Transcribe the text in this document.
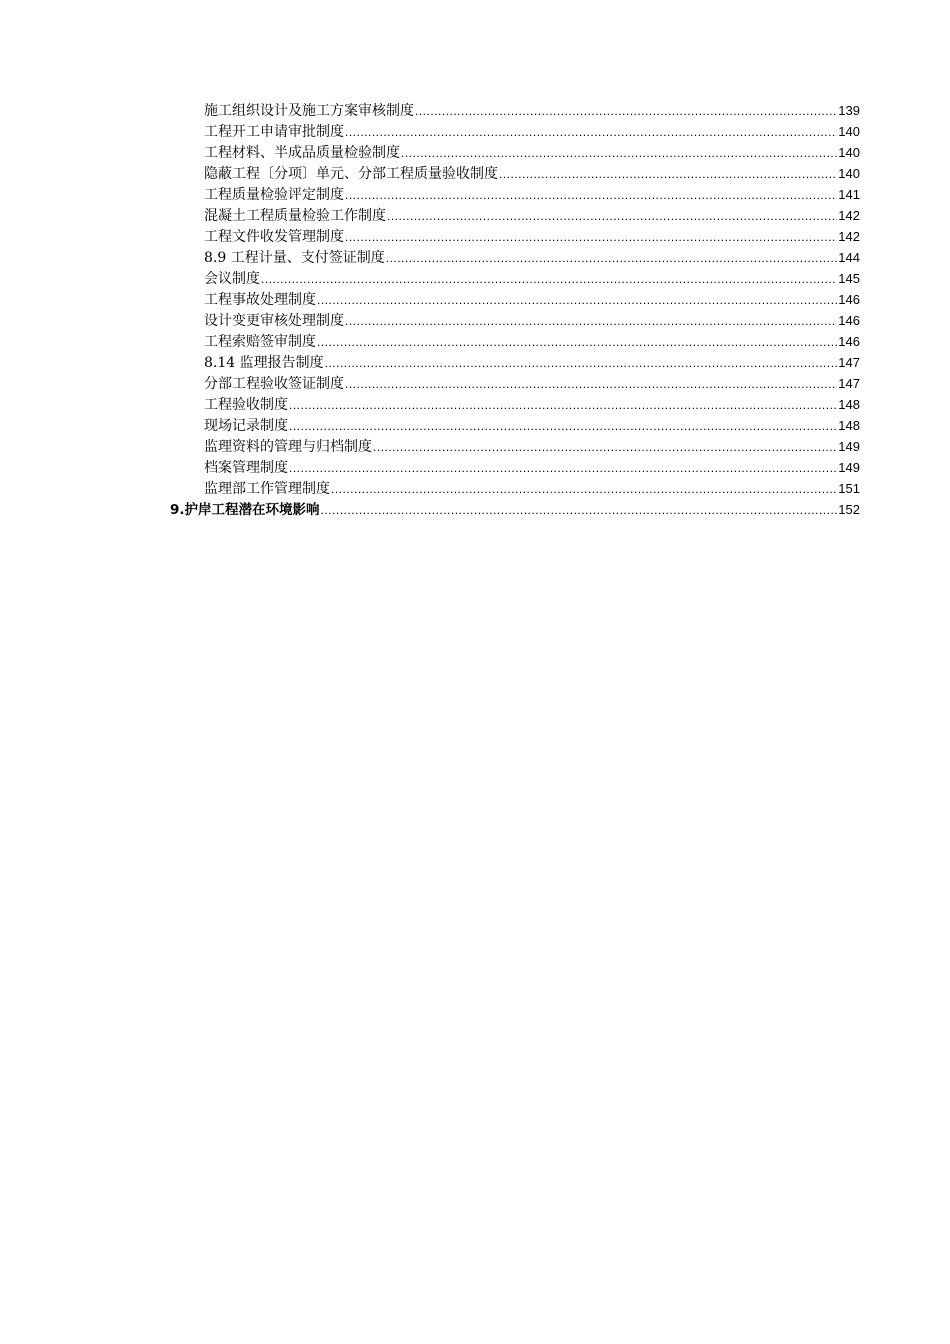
施工组织设计及施工方案审核制度 .....	139
工程开工申请审批制度 .....	140
工程材料、半成品质量检验制度 .....	140
隐蔽工程〔分项〕单元、分部工程质量验收制度 .....	140
工程质量检验评定制度 .....	141
混凝土工程质量检验工作制度 .....	142
工程文件收发管理制度 .....	142
8.9 工程计量、支付签证制度 .....	144
会议制度 .....	145
工程事故处理制度 .....	146
设计变更审核处理制度 .....	146
工程索赔签审制度 .....	146
8.14 监理报告制度 .....	147
分部工程验收签证制度 .....	147
工程验收制度 .....	148
现场记录制度 .....	148
监理资料的管理与归档制度 .....	149
档案管理制度 .....	149
监理部工作管理制度 .....	151
9.护岸工程潜在环境影响 .....	152
